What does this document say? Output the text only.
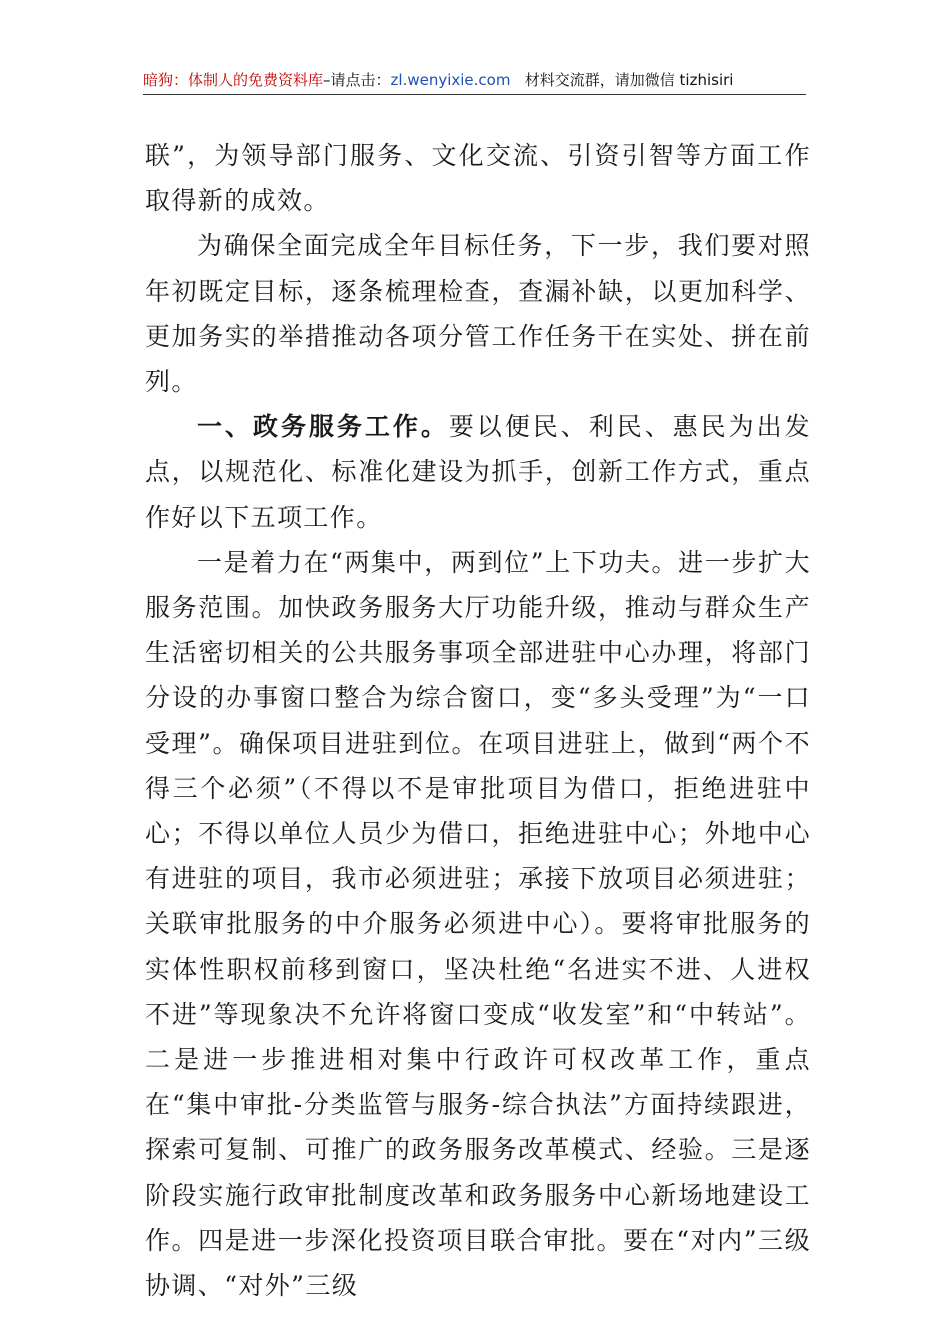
暗狗：体制人的免费资料库–请点击：zl.wenyixie.com 材料交流群，请加微信 tizhisiri

联”，为领导部门服务、文化交流、引资引智等方面工作取得新的成效。

为确保全面完成全年目标任务，下一步，我们要对照年初既定目标，逐条梳理检查，查漏补缺，以更加科学、更加务实的举措推动各项分管工作任务干在实处、拼在前列。

一、政务服务工作。要以便民、利民、惠民为出发点，以规范化、标准化建设为抓手，创新工作方式，重点作好以下五项工作。

一是着力在“两集中，两到位”上下功夫。进一步扩大服务范围。加快政务服务大厅功能升级，推动与群众生产生活密切相关的公共服务事项全部进驻中心办理，将部门分设的办事窗口整合为综合窗口，变“多头受理”为“一口受理”。确保项目进驻到位。在项目进驻上，做到“两个不得三个必须”（不得以不是审批项目为借口，拒绝进驻中心；不得以单位人员少为借口，拒绝进驻中心；外地中心有进驻的项目，我市必须进驻；承接下放项目必须进驻；关联审批服务的中介服务必须进中心）。要将审批服务的实体性职权前移到窗口，坚决杜绝“名进实不进、人进权不进”等现象决不允许将窗口变成“收发室”和“中转站”。二是进一步推进相对集中行政许可权改革工作，重点在“集中审批-分类监管与服务-综合执法”方面持续跟进，探索可复制、可推广的政务服务改革模式、经验。三是逐阶段实施行政审批制度改革和政务服务中心新场地建设工作。四是进一步深化投资项目联合审批。要在“对内”三级协调、“对外”三级
